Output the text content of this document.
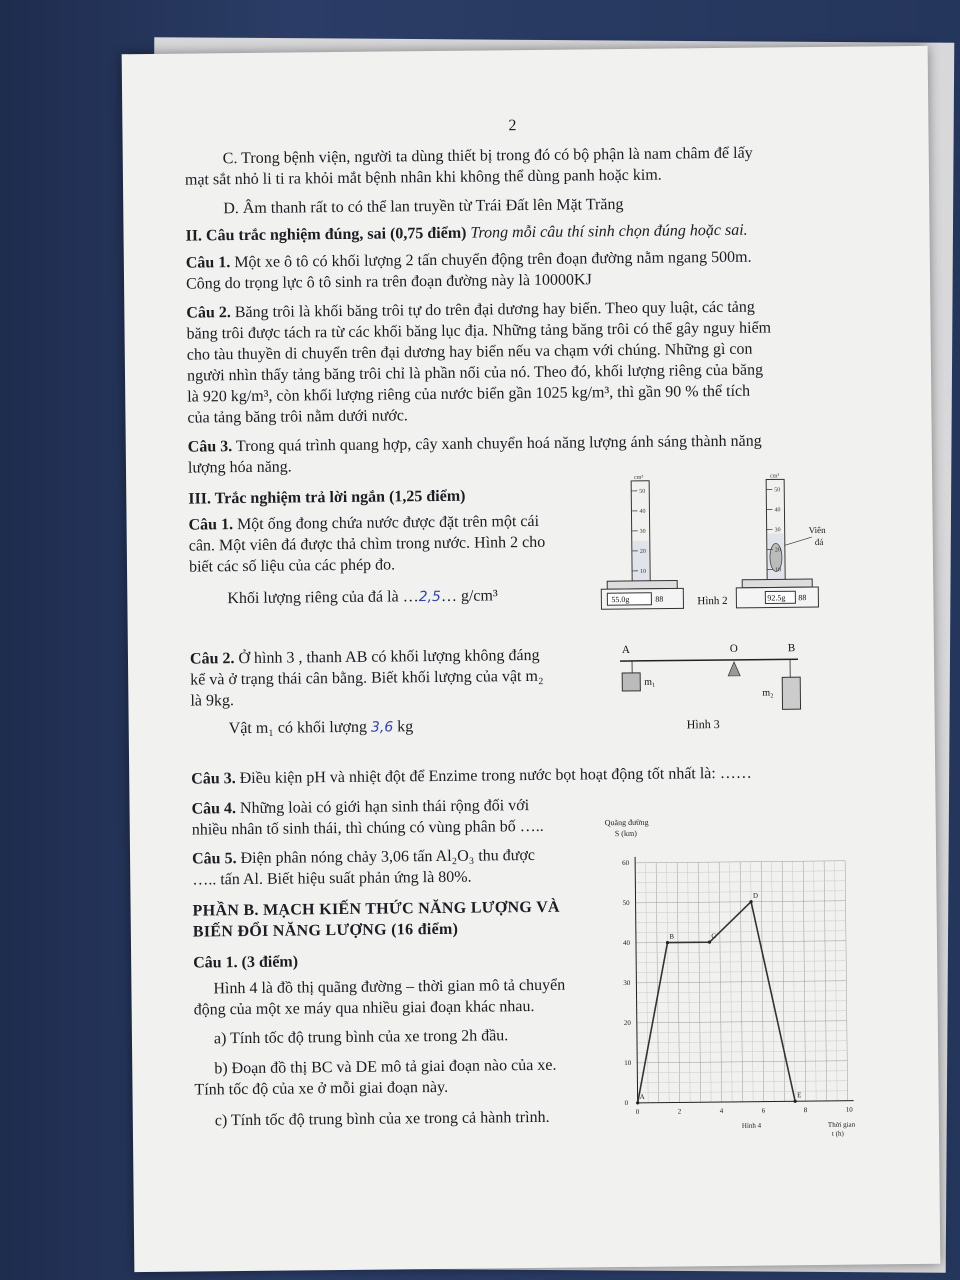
2
C. Trong bệnh viện, người ta dùng thiết bị trong đó có bộ phận là nam châm để lấy
mạt sắt nhỏ li ti ra khỏi mắt bệnh nhân khi không thể dùng panh hoặc kim.
D. Âm thanh rất to có thể lan truyền từ Trái Đất lên Mặt Trăng
II. Câu trắc nghiệm đúng, sai (0,75 điểm) Trong mỗi câu thí sinh chọn đúng hoặc sai.
Câu 1. Một xe ô tô có khối lượng 2 tấn chuyển động trên đoạn đường nằm ngang 500m.
Công do trọng lực ô tô sinh ra trên đoạn đường này là 10000KJ
Câu 2. Băng trôi là khối băng trôi tự do trên đại dương hay biển. Theo quy luật, các tảng
băng trôi được tách ra từ các khối băng lục địa. Những tảng băng trôi có thể gây nguy hiểm
cho tàu thuyền di chuyển trên đại dương hay biển nếu va chạm với chúng. Những gì con
người nhìn thấy tảng băng trôi chỉ là phần nổi của nó. Theo đó, khối lượng riêng của băng
là 920 kg/m³, còn khối lượng riêng của nước biển gần 1025 kg/m³, thì gần 90 % thể tích
của tảng băng trôi nằm dưới nước.
Câu 3. Trong quá trình quang hợp, cây xanh chuyển hoá năng lượng ánh sáng thành năng
lượng hóa năng.
III. Trắc nghiệm trả lời ngắn (1,25 điểm)
Câu 1. Một ống đong chứa nước được đặt trên một cái
cân. Một viên đá được thả chìm trong nước. Hình 2 cho
biết các số liệu của các phép đo.
Khối lượng riêng của đá là …2,5… g/cm³
cm³
50
40
30
20
10
55.0g	88
cm³
50
40
30
20
10
Viên
đá
92.5g 88
Hình 2
Câu 2. Ở hình 3 , thanh AB có khối lượng không đáng
kể và ở trạng thái cân bằng. Biết khối lượng của vật m₂
là 9kg.
Vật m₁ có khối lượng 3,6 kg
A	O	B
m₁
m₂
Hình 3
Câu 3. Điều kiện pH và nhiệt đột để Enzime trong nước bọt hoạt động tốt nhất là: ……
Câu 4. Những loài có giới hạn sinh thái rộng đối với
nhiều nhân tố sinh thái, thì chúng có vùng phân bố …..
Câu 5. Điện phân nóng chảy 3,06 tấn Al₂O₃ thu được
….. tấn Al. Biết hiệu suất phản ứng là 80%.
PHẦN B. MẠCH KIẾN THỨC NĂNG LƯỢNG VÀ
BIẾN ĐỔI NĂNG LƯỢNG (16 điểm)
Câu 1. (3 điểm)
Hình 4 là đồ thị quãng đường – thời gian mô tả chuyển
động của một xe máy qua nhiều giai đoạn khác nhau.
a) Tính tốc độ trung bình của xe trong 2h đầu.
b) Đoạn đồ thị BC và DE mô tả giai đoạn nào của xe.
Tính tốc độ của xe ở mỗi giai đoạn này.
c) Tính tốc độ trung bình của xe trong cả hành trình.	0	2	4	6	8	10
0
10
20
30
40
50
60
A
B	C
D
E
Quãng đường
S (km)
Thời gian
t (h)
Hình 4
